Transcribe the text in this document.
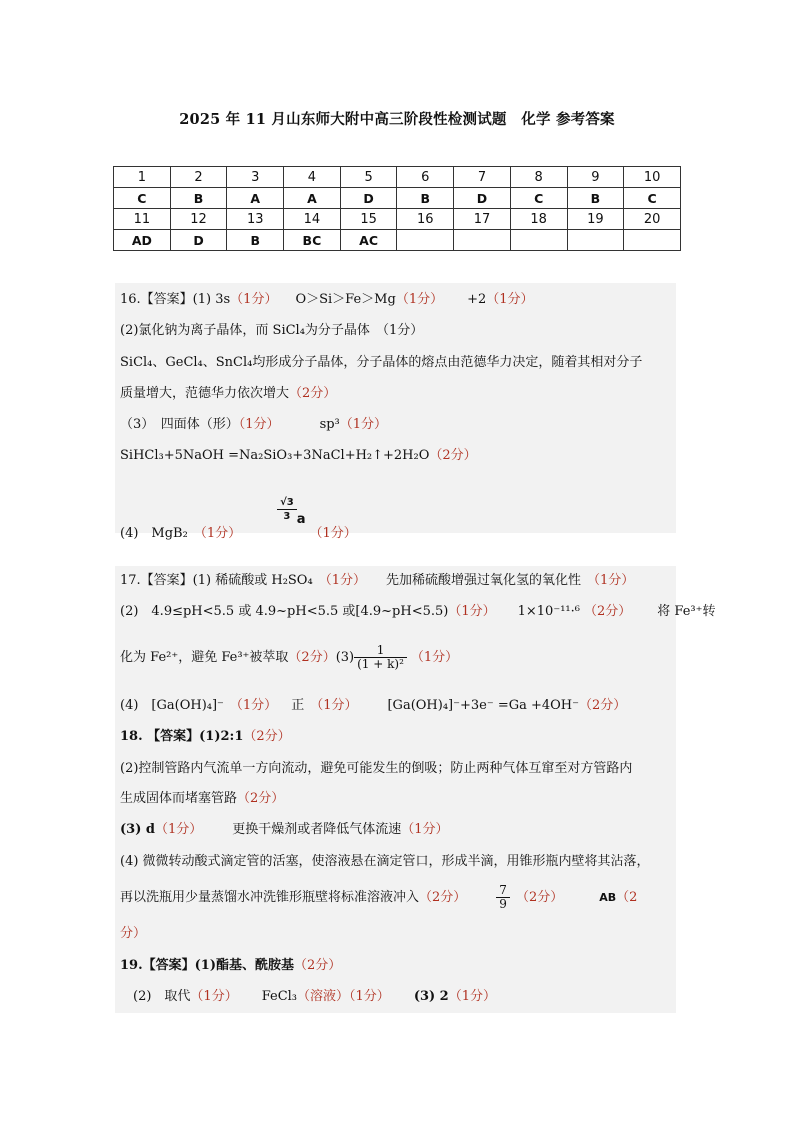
2025 年 11 月山东师大附中高三阶段性检测试题　化学 参考答案
1	2	3	4	5	6	7	8	9	10
C	B	A	A	D	B	D	C	B	C
11	12	13	14	15	16	17	18	19	20
AD	D	B	BC	AC					
16.【答案】(1) 3s（1分） O＞Si＞Fe＞Mg（1分） +2（1分）
(2)氯化钠为离子晶体，而 SiCl₄为分子晶体 （1分）
SiCl₄、GeCl₄、SnCl₄均形成分子晶体，分子晶体的熔点由范德华力决定，随着其相对分子
质量增大，范德华力依次增大（2分）
（3）　四面体（形）（1分）	sp³（1分）
SiHCl₃+5NaOH =Na₂SiO₃+3NaCl+H₂↑+2H₂O（2分）
(4)　MgB₂ （1分）
$\frac{√3}{3} a(1$分）
17.【答案】(1) 稀硫酸或 H₂SO₄ （1分） 先加稀硫酸增强过氧化氢的氧化性 （1分）
(2)　4.9≤pH<5.5 或 4.9~pH<5.5 或[4.9~pH<5.5)（1分） 1×10⁻¹¹·⁶ （2分） 将 Fe³⁺转
化为 Fe²⁺，避免 Fe³⁺被萃取（2分）$(3) \frac{1}{\text{(1 + k)²}} (1$分）
(4)　[Ga(OH)₄]⁻ （1分） 正 （1分） [Ga(OH)₄]⁻+3e⁻ =Ga +4OH⁻（2分）
18. 【答案】(1)2:1（2分）
(2)控制管路内气流单一方向流动，避免可能发生的倒吸；防止两种气体互窜至对方管路内
生成固体而堵塞管路（2分）
(3) d（1分） 更换干燥剂或者降低气体流速（1分）
(4) 微微转动酸式滴定管的活塞，使溶液悬在滴定管口，形成半滴，用锥形瓶内壁将其沾落，
再以洗瓶用少量蒸馏水冲洗锥形瓶壁将标准溶液冲入（2分）	$\frac{7}{9} (2$分）	AB（2
分）
19.【答案】(1)酯基、酰胺基（2分）
(2)　取代（1分） FeCl₃（溶液）（1分） (3) 2（1分）
